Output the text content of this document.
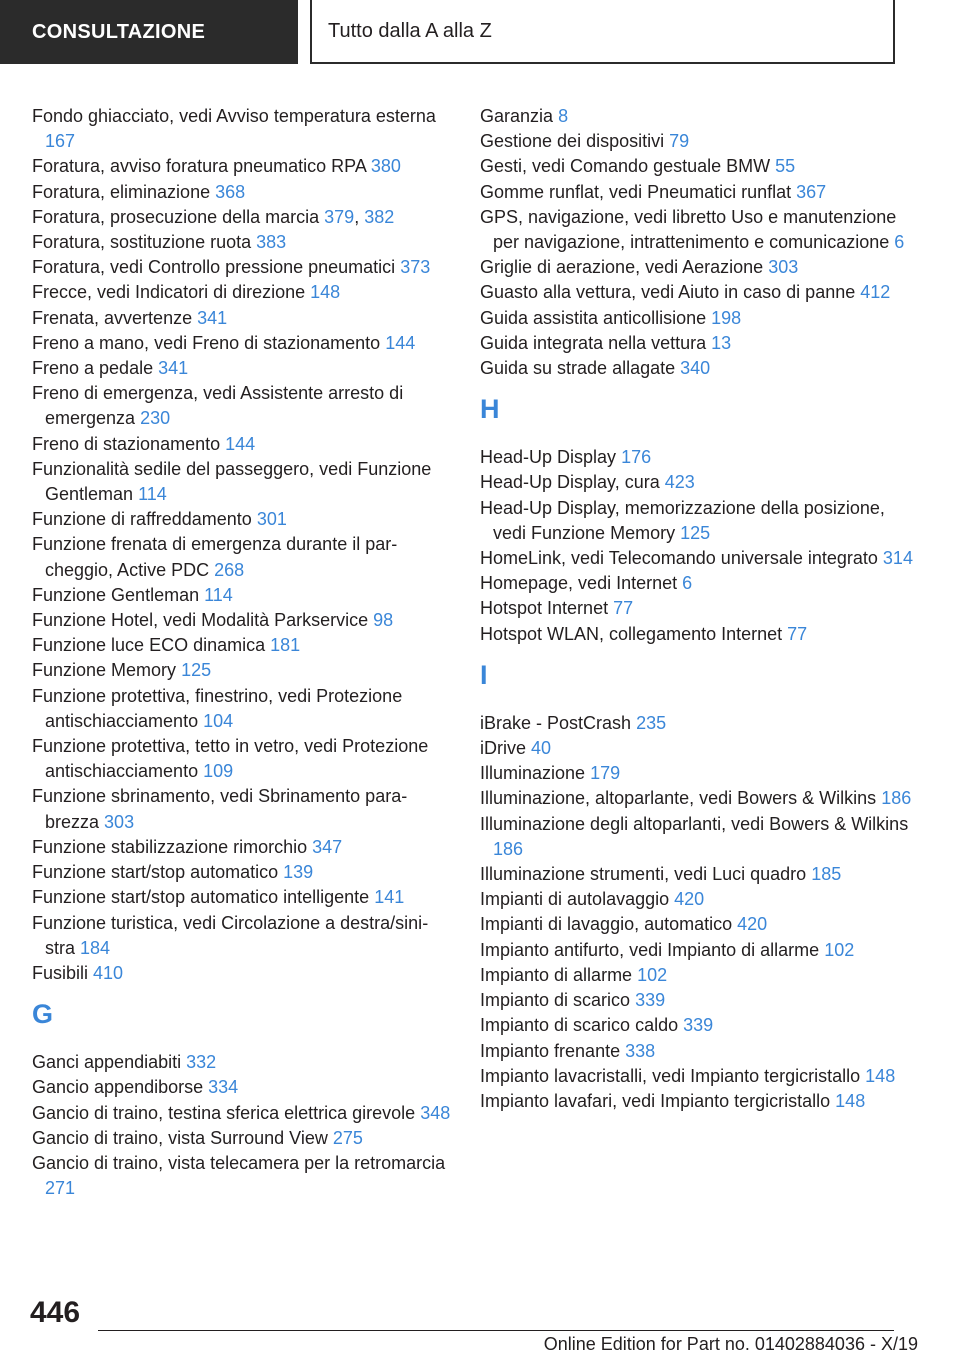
CONSULTAZIONE	Tutto dalla A alla Z
Fondo ghiacciato, vedi Avviso temperatura esterna 167
Foratura, avviso foratura pneumatico RPA 380
Foratura, eliminazione 368
Foratura, prosecuzione della marcia 379, 382
Foratura, sostituzione ruota 383
Foratura, vedi Controllo pressione pneumatici 373
Frecce, vedi Indicatori di direzione 148
Frenata, avvertenze 341
Freno a mano, vedi Freno di stazionamento 144
Freno a pedale 341
Freno di emergenza, vedi Assistente arresto di emergenza 230
Freno di stazionamento 144
Funzionalità sedile del passeggero, vedi Funzione Gentleman 114
Funzione di raffreddamento 301
Funzione frenata di emergenza durante il parcheggio, Active PDC 268
Funzione Gentleman 114
Funzione Hotel, vedi Modalità Parkservice 98
Funzione luce ECO dinamica 181
Funzione Memory 125
Funzione protettiva, finestrino, vedi Protezione antischiacciamento 104
Funzione protettiva, tetto in vetro, vedi Protezione antischiacciamento 109
Funzione sbrinamento, vedi Sbrinamento parabrezza 303
Funzione stabilizzazione rimorchio 347
Funzione start/stop automatico 139
Funzione start/stop automatico intelligente 141
Funzione turistica, vedi Circolazione a destra/sinistra 184
Fusibili 410
G
Ganci appendiabiti 332
Gancio appendiborse 334
Gancio di traino, testina sferica elettrica girevole 348
Gancio di traino, vista Surround View 275
Gancio di traino, vista telecamera per la retromarcia 271
Garanzia 8
Gestione dei dispositivi 79
Gesti, vedi Comando gestuale BMW 55
Gomme runflat, vedi Pneumatici runflat 367
GPS, navigazione, vedi libretto Uso e manutenzione per navigazione, intrattenimento e comunicazione 6
Griglie di aerazione, vedi Aerazione 303
Guasto alla vettura, vedi Aiuto in caso di panne 412
Guida assistita anticollisione 198
Guida integrata nella vettura 13
Guida su strade allagate 340
H
Head-Up Display 176
Head-Up Display, cura 423
Head-Up Display, memorizzazione della posizione, vedi Funzione Memory 125
HomeLink, vedi Telecomando universale integrato 314
Homepage, vedi Internet 6
Hotspot Internet 77
Hotspot WLAN, collegamento Internet 77
I
iBrake - PostCrash 235
iDrive 40
Illuminazione 179
Illuminazione, altoparlante, vedi Bowers & Wilkins 186
Illuminazione degli altoparlanti, vedi Bowers & Wilkins 186
Illuminazione strumenti, vedi Luci quadro 185
Impianti di autolavaggio 420
Impianti di lavaggio, automatico 420
Impianto antifurto, vedi Impianto di allarme 102
Impianto di allarme 102
Impianto di scarico 339
Impianto di scarico caldo 339
Impianto frenante 338
Impianto lavacristalli, vedi Impianto tergicristallo 148
Impianto lavafari, vedi Impianto tergicristallo 148
446
Online Edition for Part no. 01402884036 - X/19
